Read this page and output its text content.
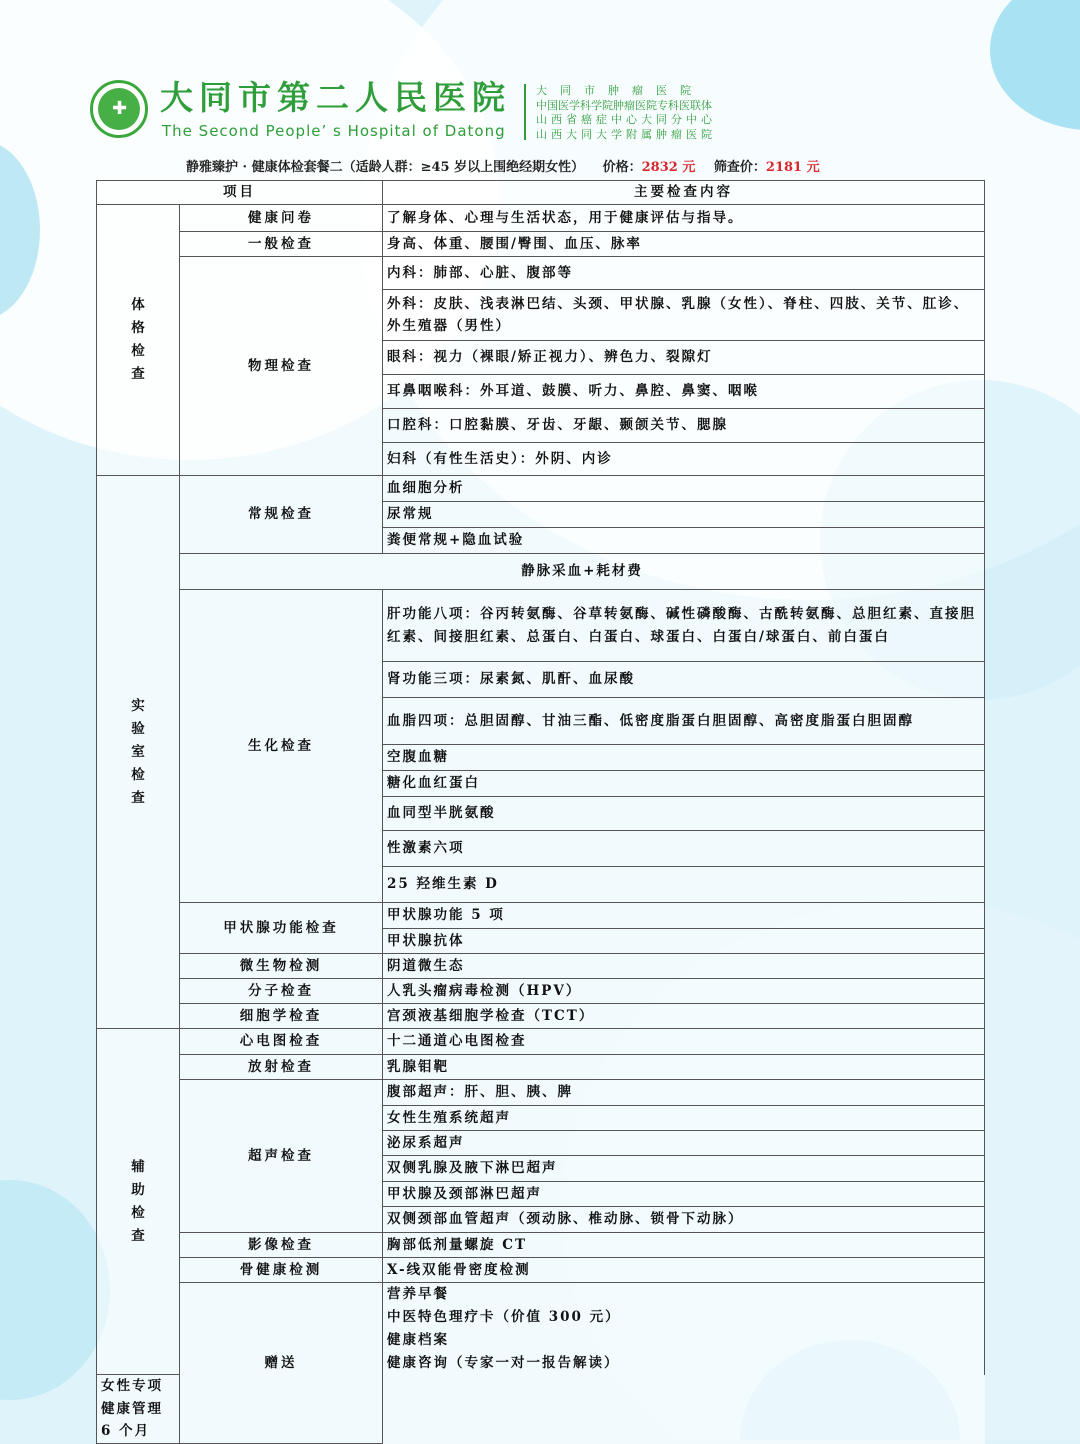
✚ 大同市第二人民医院
The Second People’ s Hospital of Datong
大同市肿瘤医院
中国医学科学院肿瘤医院专科医联体
山西省癌症中心大同分中心
山西大同大学附属肿瘤医院
静雅臻护 · 健康体检套餐二（适龄人群：≥45 岁以上围绝经期女性） 价格：2832 元 筛查价：2181 元
项目		主要检查内容

体格检查	健康问卷	了解身体、心理与生活状态，用于健康评估与指导。
	一般检查	身高、体重、腰围/臀围、血压、脉率
	物理检查	内科：肺部、心脏、腹部等
		外科：皮肤、浅表淋巴结、头颈、甲状腺、乳腺（女性）、脊柱、四肢、关节、肛诊、外生殖器（男性）
		眼科：视力（裸眼/矫正视力）、辨色力、裂隙灯
		耳鼻咽喉科：外耳道、鼓膜、听力、鼻腔、鼻窦、咽喉
		口腔科：口腔黏膜、牙齿、牙龈、颞颌关节、腮腺
		妇科（有性生活史）：外阴、内诊

实验室检查	常规检查	血细胞分析
		尿常规
		粪便常规+隐血试验
	静脉采血+耗材费	
	生化检查	肝功能八项：谷丙转氨酶、谷草转氨酶、碱性磷酸酶、古酰转氨酶、总胆红素、直接胆红素、间接胆红素、总蛋白、白蛋白、球蛋白、白蛋白/球蛋白、前白蛋白
		肾功能三项：尿素氮、肌酐、血尿酸
		血脂四项：总胆固醇、甘油三酯、低密度脂蛋白胆固醇、高密度脂蛋白胆固醇
		空腹血糖
		糖化血红蛋白
		血同型半胱氨酸
		性激素六项
		25 羟维生素 D
	甲状腺功能检查	甲状腺功能 5 项
		甲状腺抗体
	微生物检测	阴道微生态
	分子检查	人乳头瘤病毒检测（HPV）
	细胞学检查	宫颈液基细胞学检查（TCT）

辅助检查	心电图检查	十二通道心电图检查
	放射检查	乳腺钼靶
	超声检查	腹部超声：肝、胆、胰、脾
		女性生殖系统超声
		泌尿系超声
		双侧乳腺及腋下淋巴超声
		甲状腺及颈部淋巴超声
		双侧颈部血管超声（颈动脉、椎动脉、锁骨下动脉）
	影像检查	胸部低剂量螺旋 CT
	骨健康检测	X-线双能骨密度检测
	赠送	营养早餐
		中医特色理疗卡（价值 300 元）
		健康档案
		健康咨询（专家一对一报告解读）
女性专项健康管理 6 个月		
